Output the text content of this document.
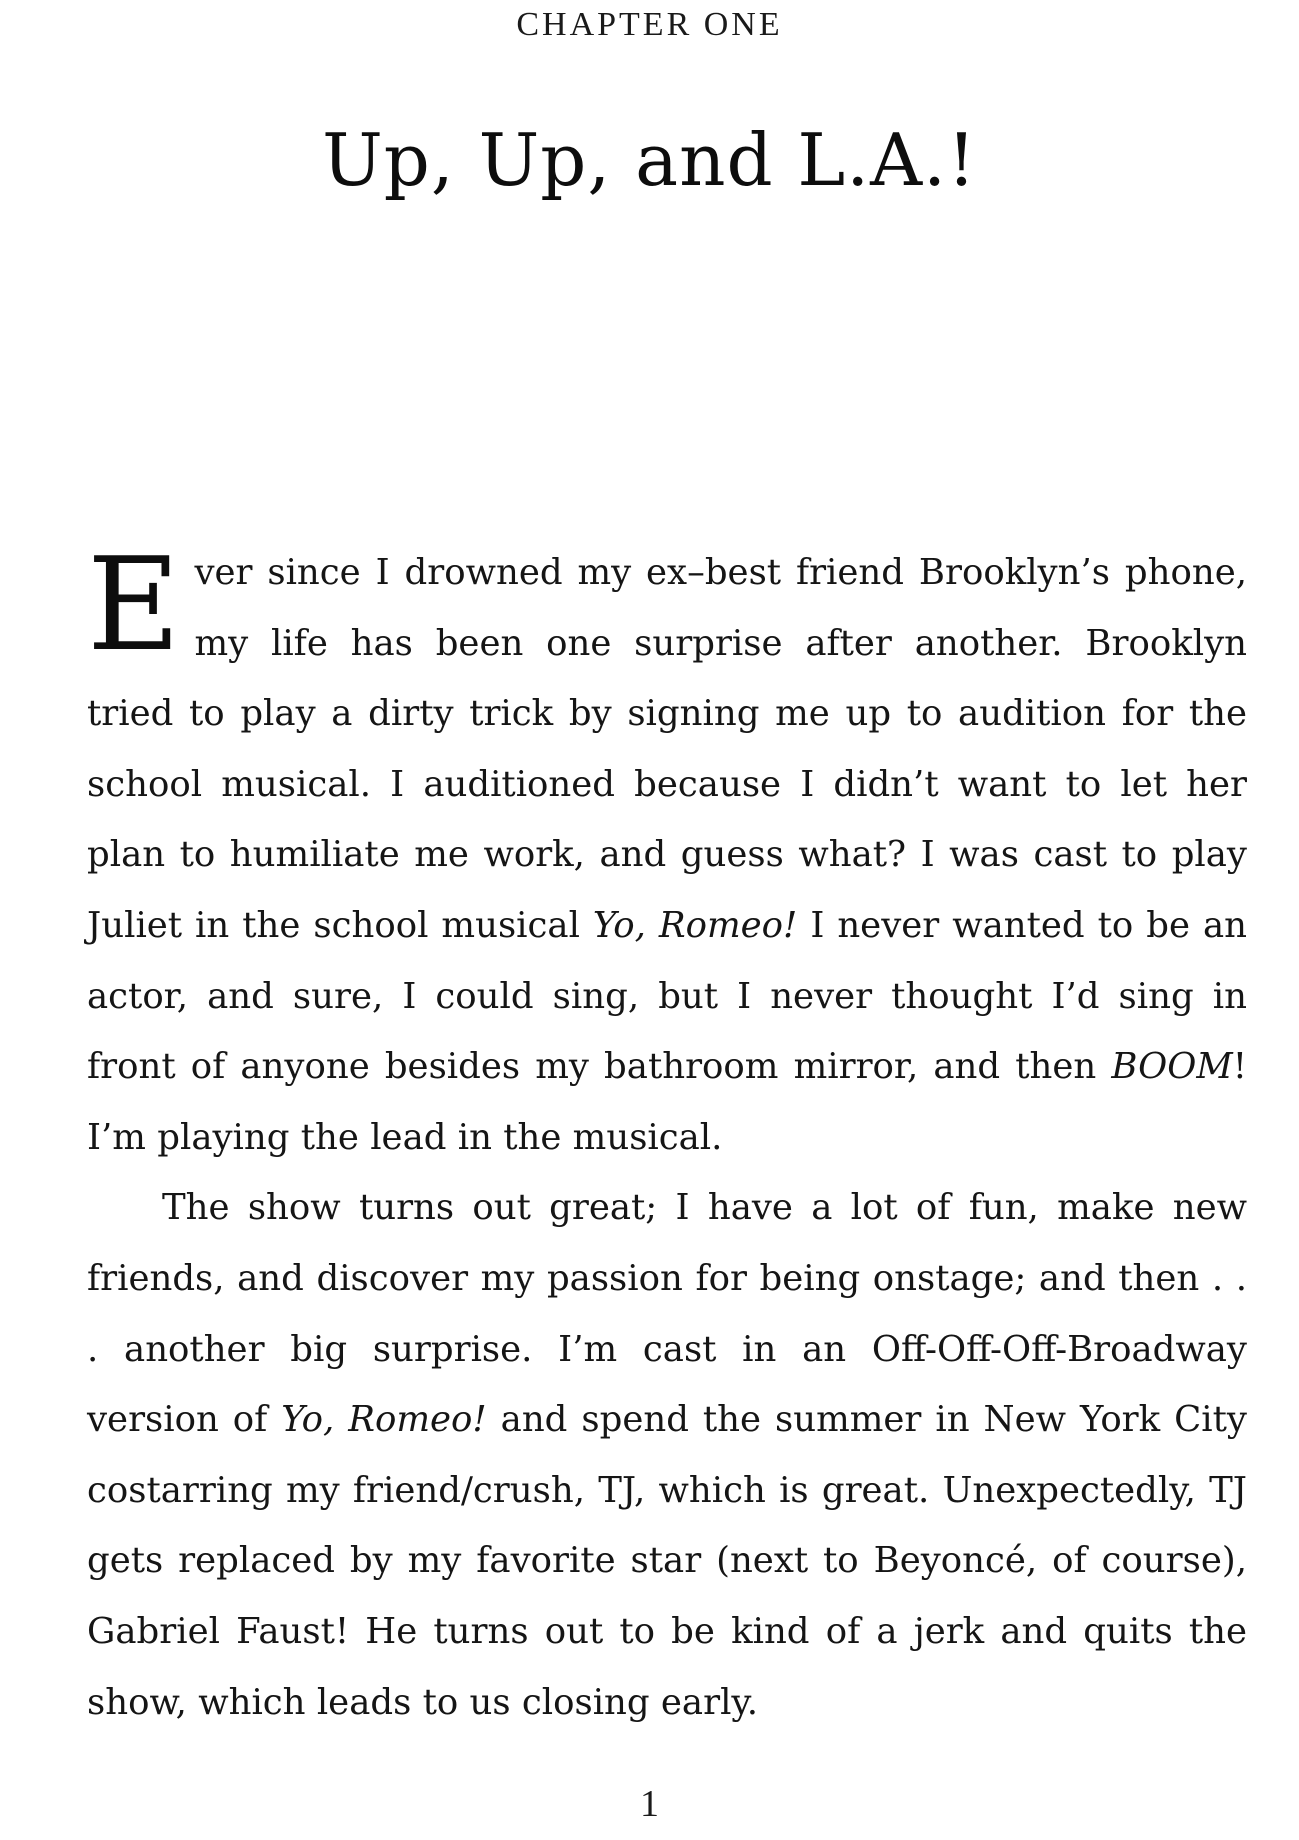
CHAPTER ONE
Up, Up, and L.A.!

Ever since I drowned my ex–best friend Brooklyn’s phone, my life has been one surprise after another. Brooklyn tried to play a dirty trick by signing me up to audition for the school musical. I auditioned because I didn’t want to let her plan to humiliate me work, and guess what? I was cast to play Juliet in the school musical Yo, Romeo! I never wanted to be an actor, and sure, I could sing, but I never thought I’d sing in front of anyone besides my bathroom mirror, and then BOOM! I’m playing the lead in the musical.

The show turns out great; I have a lot of fun, make new friends, and discover my passion for being onstage; and then . . . another big surprise. I’m cast in an Off-Off-Off-Broadway version of Yo, Romeo! and spend the summer in New York City costarring my friend/crush, TJ, which is great. Unexpectedly, TJ gets replaced by my favorite star (next to Beyoncé, of course), Gabriel Faust! He turns out to be kind of a jerk and quits the show, which leads to us closing early.

1
